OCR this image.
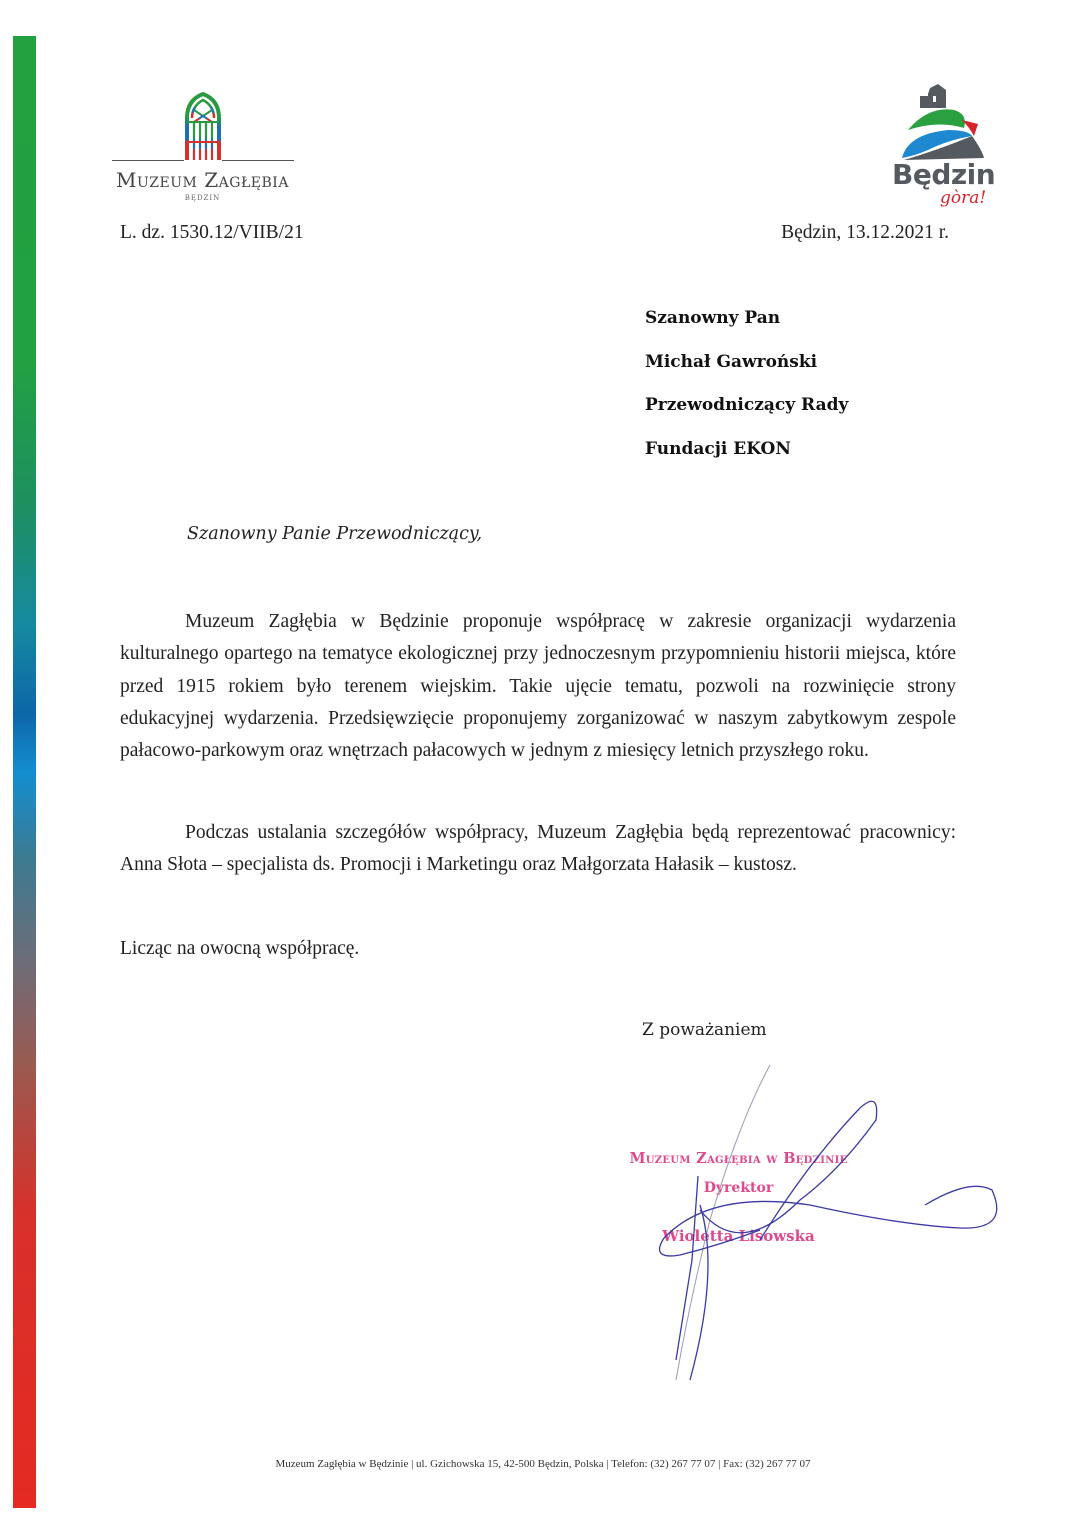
Muzeum Zagłębia
BĘDZIN
Będzin
gòra!
L. dz. 1530.12/VIIB/21	Będzin, 13.12.2021 r.
Szanowny Pan
Michał Gawroński
Przewodniczący Rady
Fundacji EKON
Szanowny Panie Przewodniczący,
Muzeum Zagłębia w Będzinie proponuje współpracę w zakresie organizacji wydarzenia kulturalnego opartego na tematyce ekologicznej przy jednoczesnym przypomnieniu historii miejsca, które przed 1915 rokiem było terenem wiejskim. Takie ujęcie tematu, pozwoli na rozwinięcie strony edukacyjnej wydarzenia. Przedsięwzięcie proponujemy zorganizować w naszym zabytkowym zespole pałacowo-parkowym oraz wnętrzach pałacowych w jednym z miesięcy letnich przyszłego roku.
Podczas ustalania szczegółów współpracy, Muzeum Zagłębia będą reprezentować pracownicy: Anna Słota – specjalista ds. Promocji i Marketingu oraz Małgorzata Hałasik – kustosz.
Licząc na owocną współpracę.
Z poważaniem
Muzeum Zagłębia w Będzinie
Dyrektor
Wioletta Lisowska
Muzeum Zagłębia w Będzinie | ul. Gzichowska 15, 42-500 Będzin, Polska | Telefon: (32) 267 77 07 | Fax: (32) 267 77 07
